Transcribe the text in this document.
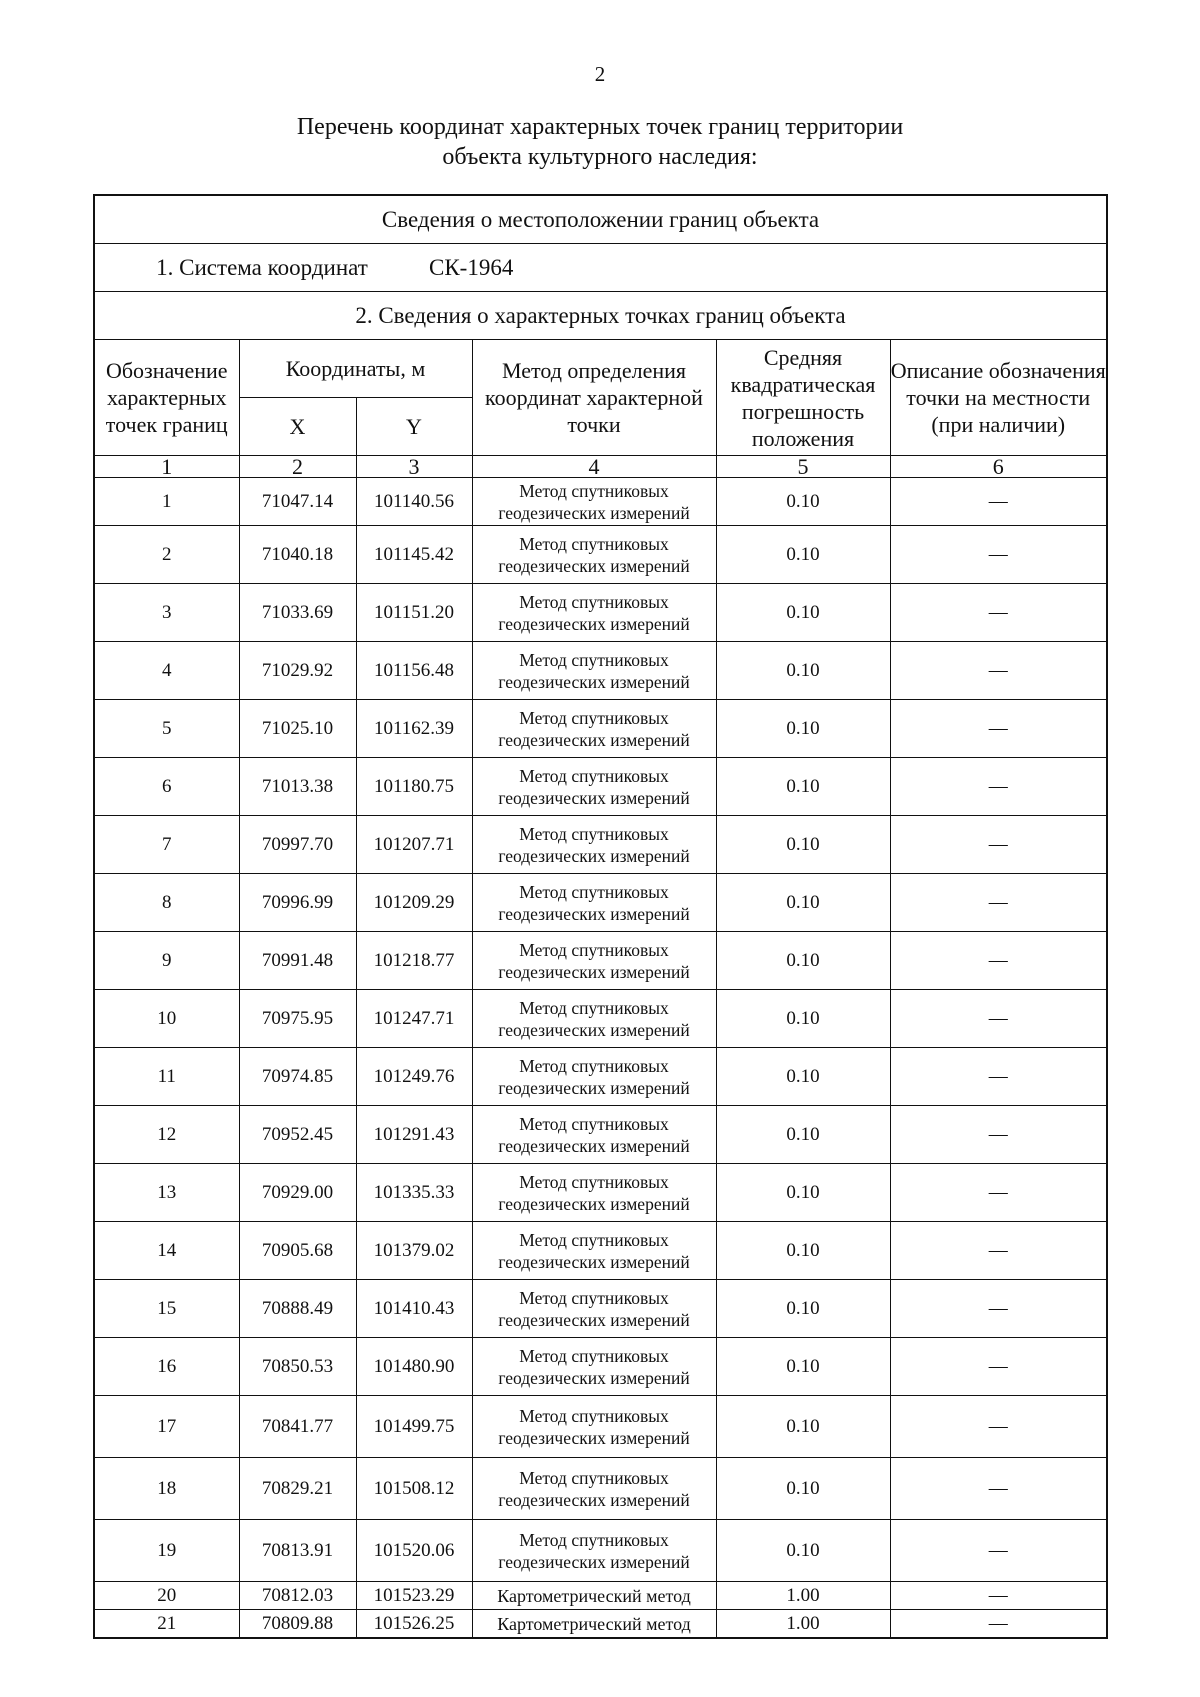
2
Перечень координат характерных точек границ территории
объекта культурного наследия:
Сведения о местоположении границ объекта					

1. Система координат СК-1964					

2. Сведения о характерных точках границ объекта					
Обозначение характерных точек границ	Координаты, м		Метод определения координат характерной точки	Средняя квадратическая погрешность положения	Описание обозначения точки на местности (при наличии)
	X	Y			
1	2	3	4	5	6
1	71047.14	101140.56	Метод спутниковых геодезических измерений	0.10	—
2	71040.18	101145.42	Метод спутниковых геодезических измерений	0.10	—
3	71033.69	101151.20	Метод спутниковых геодезических измерений	0.10	—
4	71029.92	101156.48	Метод спутниковых геодезических измерений	0.10	—
5	71025.10	101162.39	Метод спутниковых геодезических измерений	0.10	—
6	71013.38	101180.75	Метод спутниковых геодезических измерений	0.10	—
7	70997.70	101207.71	Метод спутниковых геодезических измерений	0.10	—
8	70996.99	101209.29	Метод спутниковых геодезических измерений	0.10	—
9	70991.48	101218.77	Метод спутниковых геодезических измерений	0.10	—
10	70975.95	101247.71	Метод спутниковых геодезических измерений	0.10	—
11	70974.85	101249.76	Метод спутниковых геодезических измерений	0.10	—
12	70952.45	101291.43	Метод спутниковых геодезических измерений	0.10	—
13	70929.00	101335.33	Метод спутниковых геодезических измерений	0.10	—
14	70905.68	101379.02	Метод спутниковых геодезических измерений	0.10	—
15	70888.49	101410.43	Метод спутниковых геодезических измерений	0.10	—
16	70850.53	101480.90	Метод спутниковых геодезических измерений	0.10	—
17	70841.77	101499.75	Метод спутниковых геодезических измерений	0.10	—
18	70829.21	101508.12	Метод спутниковых геодезических измерений	0.10	—
19	70813.91	101520.06	Метод спутниковых геодезических измерений	0.10	—
20	70812.03	101523.29	Картометрический метод	1.00	—
21	70809.88	101526.25	Картометрический метод	1.00	—
